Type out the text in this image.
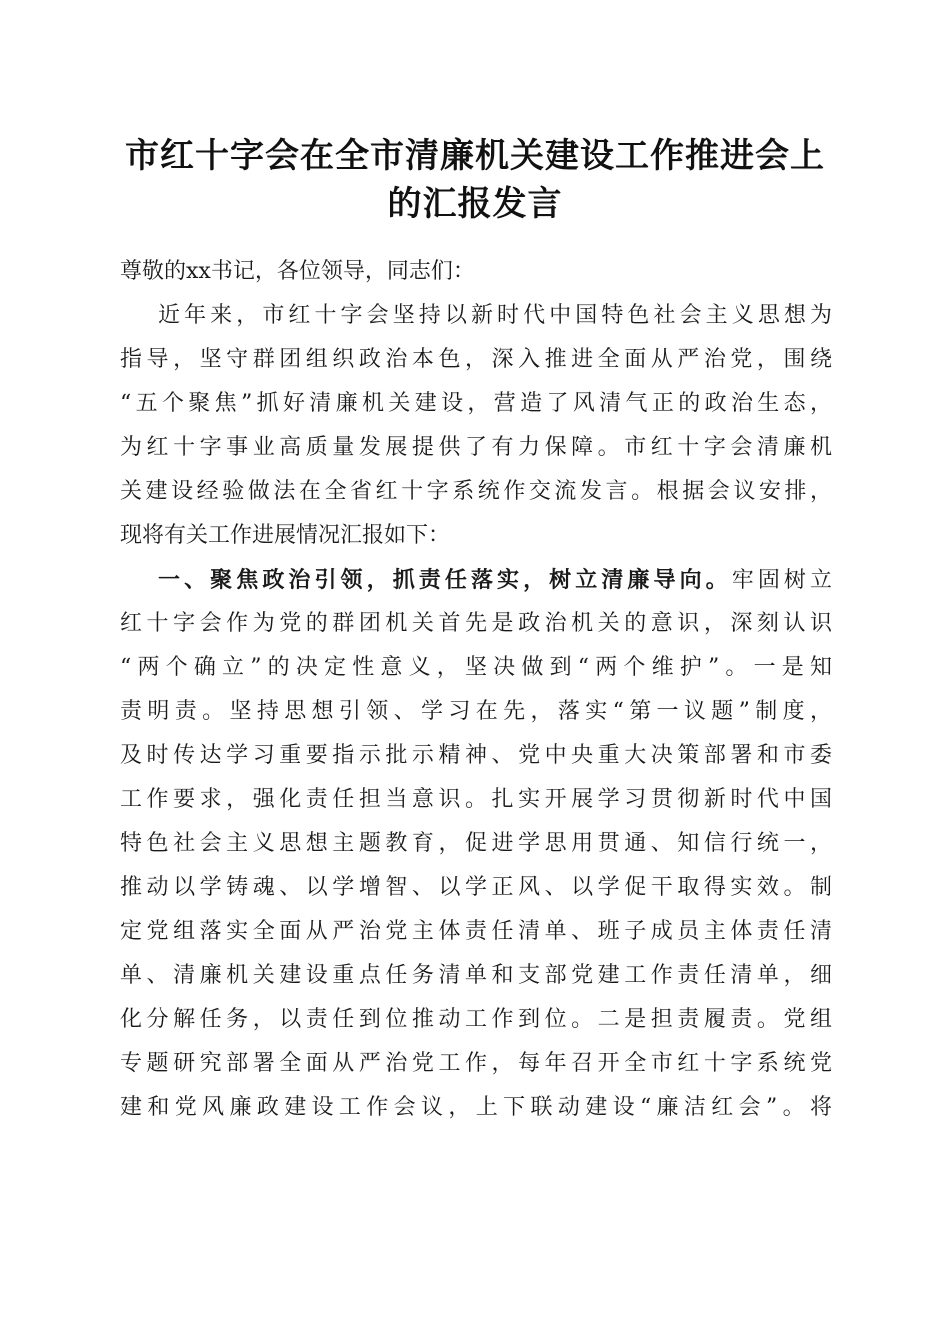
市红十字会在全市清廉机关建设工作推进会上
的汇报发言
尊敬的xx书记，各位领导，同志们：
近年来，市红十字会坚持以新时代中国特色社会主义思想为
指导，坚守群团组织政治本色，深入推进全面从严治党，围绕
“五个聚焦”抓好清廉机关建设，营造了风清气正的政治生态，
为红十字事业高质量发展提供了有力保障。市红十字会清廉机
关建设经验做法在全省红十字系统作交流发言。根据会议安排，
现将有关工作进展情况汇报如下：
一、聚焦政治引领，抓责任落实，树立清廉导向。牢固树立
红十字会作为党的群团机关首先是政治机关的意识，深刻认识
“两个确立”的决定性意义，坚决做到“两个维护”。一是知
责明责。坚持思想引领、学习在先，落实“第一议题”制度，
及时传达学习重要指示批示精神、党中央重大决策部署和市委
工作要求，强化责任担当意识。扎实开展学习贯彻新时代中国
特色社会主义思想主题教育，促进学思用贯通、知信行统一，
推动以学铸魂、以学增智、以学正风、以学促干取得实效。制
定党组落实全面从严治党主体责任清单、班子成员主体责任清
单、清廉机关建设重点任务清单和支部党建工作责任清单，细
化分解任务，以责任到位推动工作到位。二是担责履责。党组
专题研究部署全面从严治党工作，每年召开全市红十字系统党
建和党风廉政建设工作会议，上下联动建设“廉洁红会”。将
